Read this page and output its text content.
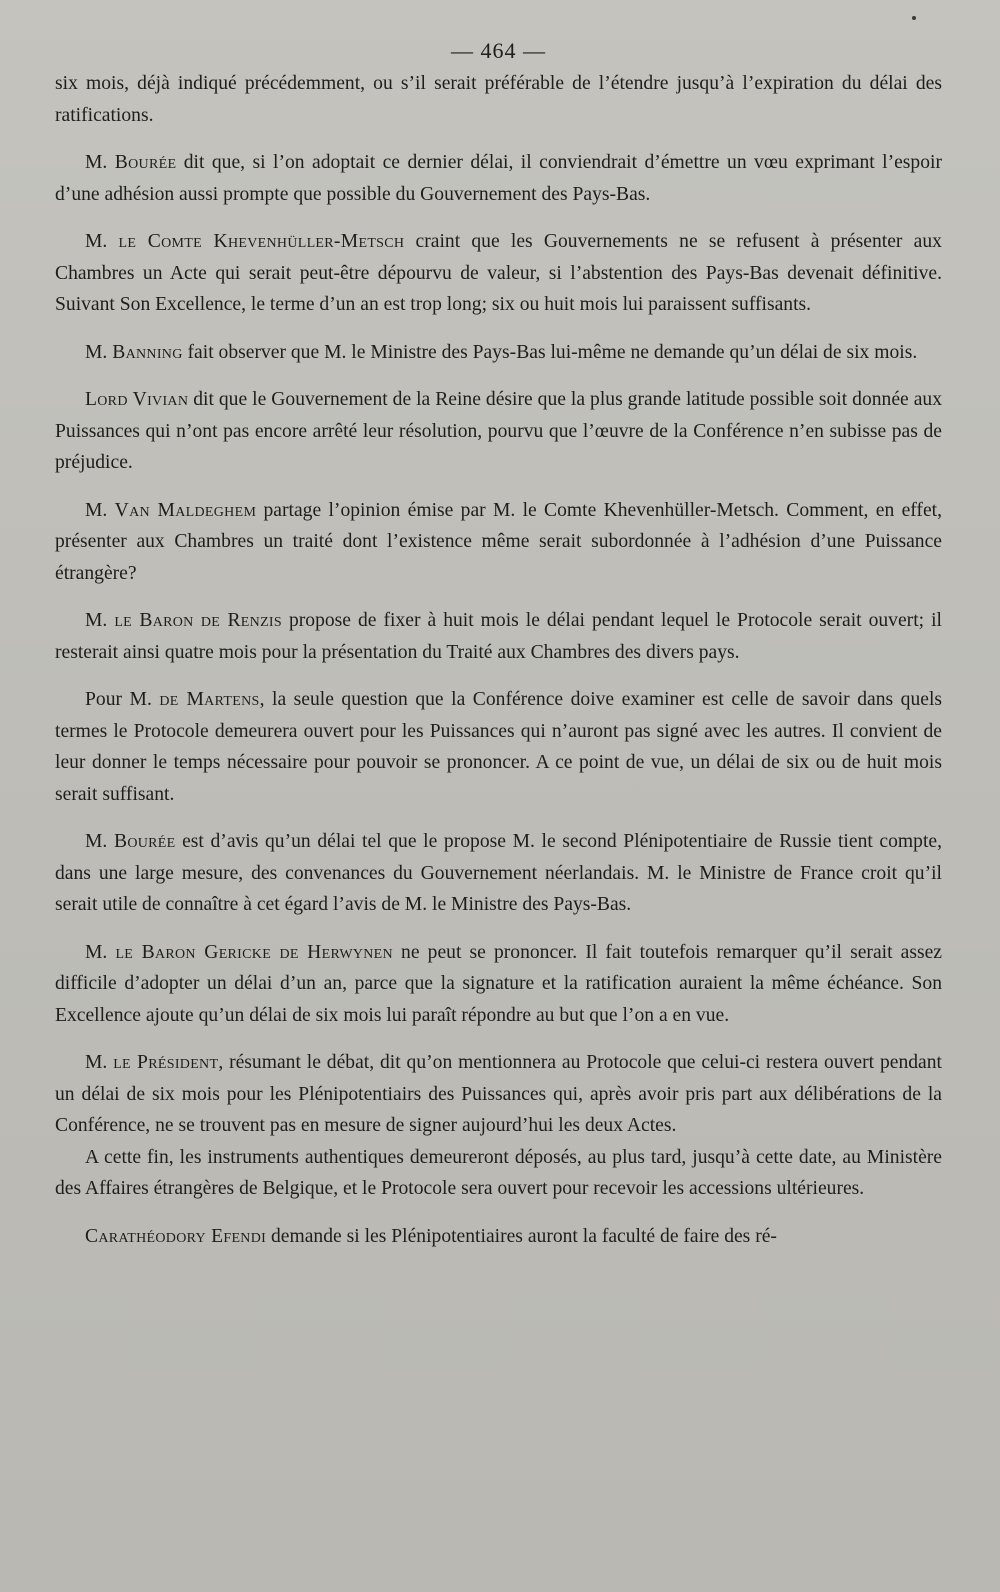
— 464 —

six mois, déjà indiqué précédemment, ou s’il serait préférable de l’étendre jusqu’à l’expiration du délai des ratifications.

M. Bourée dit que, si l’on adoptait ce dernier délai, il conviendrait d’émettre un vœu exprimant l’espoir d’une adhésion aussi prompte que possible du Gouvernement des Pays-Bas.

M. le Comte Khevenhüller-Metsch craint que les Gouvernements ne se refusent à présenter aux Chambres un Acte qui serait peut-être dépourvu de valeur, si l’abstention des Pays-Bas devenait définitive. Suivant Son Excellence, le terme d’un an est trop long; six ou huit mois lui paraissent suffisants.

M. Banning fait observer que M. le Ministre des Pays-Bas lui-même ne demande qu’un délai de six mois.

Lord Vivian dit que le Gouvernement de la Reine désire que la plus grande latitude possible soit donnée aux Puissances qui n’ont pas encore arrêté leur résolution, pourvu que l’œuvre de la Conférence n’en subisse pas de préjudice.

M. Van Maldeghem partage l’opinion émise par M. le Comte Khevenhüller-Metsch. Comment, en effet, présenter aux Chambres un traité dont l’existence même serait subordonnée à l’adhésion d’une Puissance étrangère?

M. le Baron de Renzis propose de fixer à huit mois le délai pendant lequel le Protocole serait ouvert; il resterait ainsi quatre mois pour la présentation du Traité aux Chambres des divers pays.

Pour M. de Martens, la seule question que la Conférence doive examiner est celle de savoir dans quels termes le Protocole demeurera ouvert pour les Puissances qui n’auront pas signé avec les autres. Il convient de leur donner le temps nécessaire pour pouvoir se prononcer. A ce point de vue, un délai de six ou de huit mois serait suffisant.

M. Bourée est d’avis qu’un délai tel que le propose M. le second Plénipotentiaire de Russie tient compte, dans une large mesure, des convenances du Gouvernement néerlandais. M. le Ministre de France croit qu’il serait utile de connaître à cet égard l’avis de M. le Ministre des Pays-Bas.

M. le Baron Gericke de Herwynen ne peut se prononcer. Il fait toutefois remarquer qu’il serait assez difficile d’adopter un délai d’un an, parce que la signature et la ratification auraient la même échéance. Son Excellence ajoute qu’un délai de six mois lui paraît répondre au but que l’on a en vue.

M. le Président, résumant le débat, dit qu’on mentionnera au Protocole que celui-ci restera ouvert pendant un délai de six mois pour les Plénipotentiairs des Puissances qui, après avoir pris part aux délibérations de la Conférence, ne se trouvent pas en mesure de signer aujourd’hui les deux Actes.

A cette fin, les instruments authentiques demeureront déposés, au plus tard, jusqu’à cette date, au Ministère des Affaires étrangères de Belgique, et le Protocole sera ouvert pour recevoir les accessions ultérieures.

Carathéodory Efendi demande si les Plénipotentiaires auront la faculté de faire des ré-
